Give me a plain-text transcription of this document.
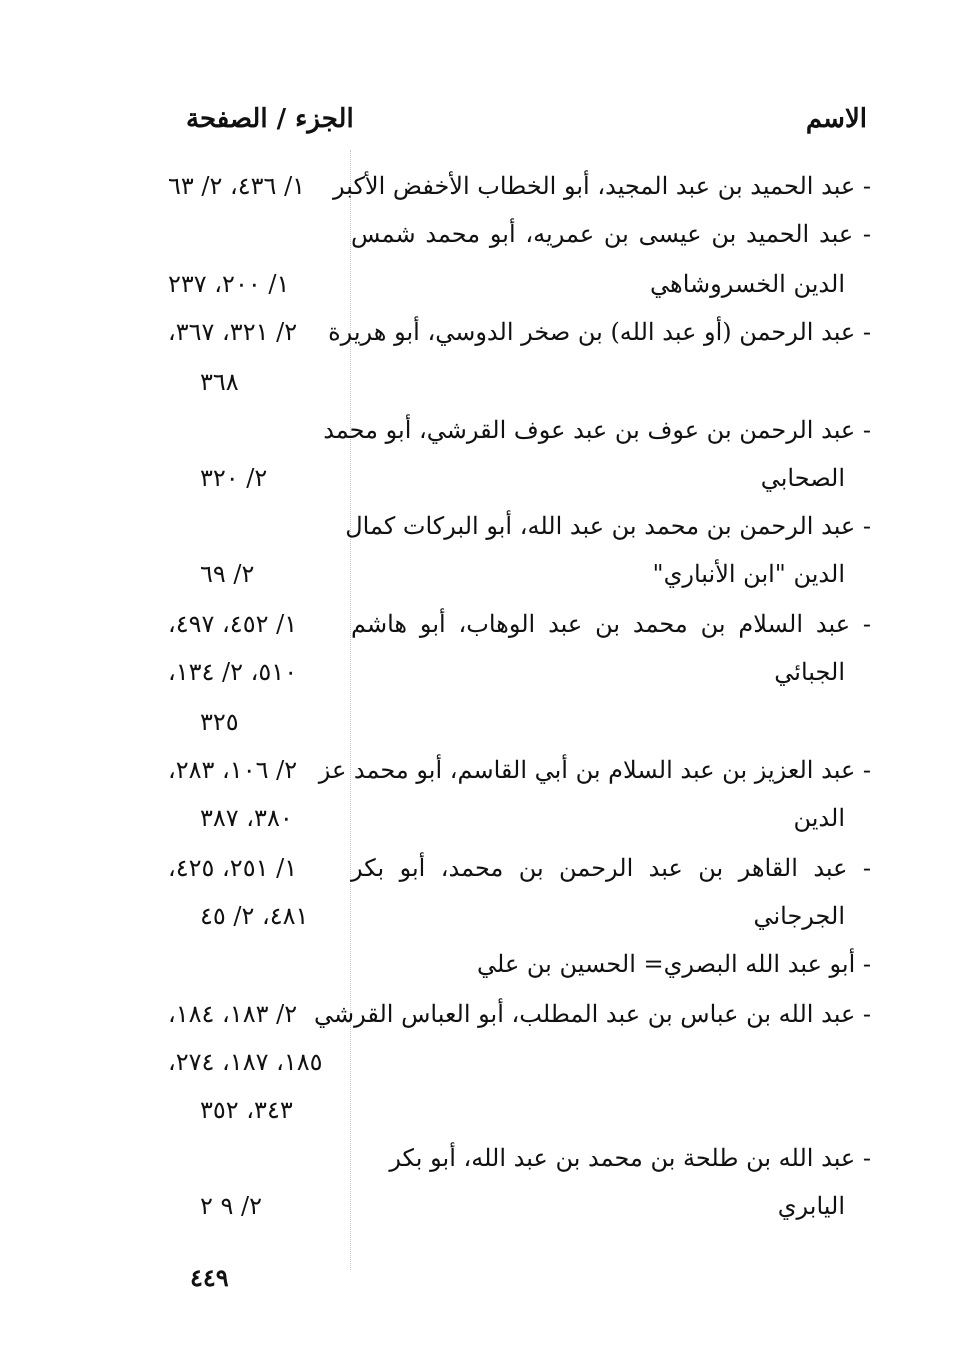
الاسم
الجزء / الصفحة
- عبد الحميد بن عبد المجيد، أبو الخطاب الأخفض الأكبر
١/ ٤٣٦، ٢/ ٦٣
- عبد الحميد بن عيسى بن عمريه، أبو محمد شمس
الدين الخسروشاهي
١/ ٢٠٠، ٢٣٧
- عبد الرحمن (أو عبد الله) بن صخر الدوسي، أبو هريرة
٢/ ٣٢١، ٣٦٧،
٣٦٨
- عبد الرحمن بن عوف بن عبد عوف القرشي، أبو محمد
الصحابي
٢/ ٣٢٠
- عبد الرحمن بن محمد بن عبد الله، أبو البركات كمال
الدين "ابن الأنباري"
٢/ ٦٩
- عبد السلام بن محمد بن عبد الوهاب، أبو هاشم
الجبائي
١/ ٤٥٢، ٤٩٧،
٥١٠، ٢/ ١٣٤،
٣٢٥
- عبد العزيز بن عبد السلام بن أبي القاسم، أبو محمد عز
الدين
٢/ ١٠٦، ٢٨٣،
٣٨٠، ٣٨٧
- عبد القاهر بن عبد الرحمن بن محمد، أبو بكر
الجرجاني
١/ ٢٥١، ٤٢٥،
٤٨١، ٢/ ٤٥
- أبو عبد الله البصري= الحسين بن علي
- عبد الله بن عباس بن عبد المطلب، أبو العباس القرشي
٢/ ١٨٣، ١٨٤،
١٨٥، ١٨٧، ٢٧٤،
٣٤٣، ٣٥٢
- عبد الله بن طلحة بن محمد بن عبد الله، أبو بكر
اليابري
٢/ ٩ ٢
٤٤٩
